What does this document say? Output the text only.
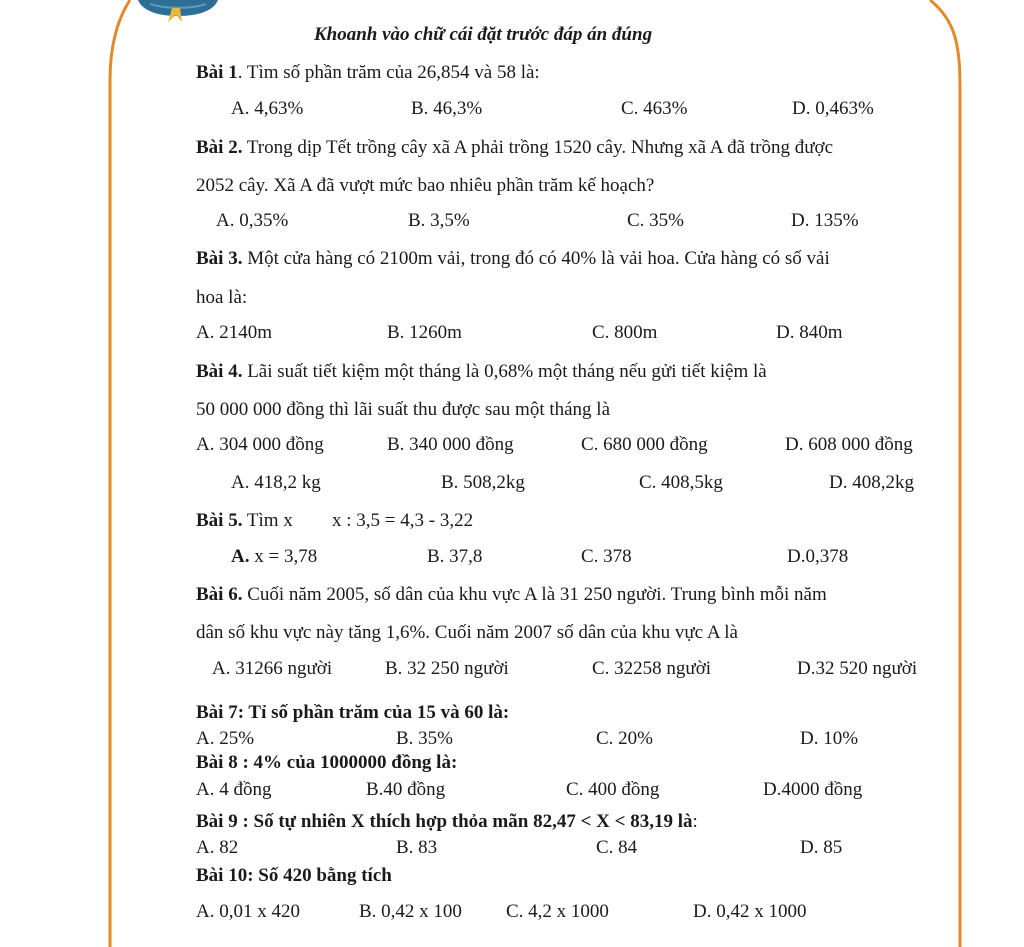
Khoanh vào chữ cái đặt trước đáp án đúng
Bài 1. Tìm số phần trăm của 26,854 và 58 là:
A. 4,63%	B. 46,3%	C. 463%	D. 0,463%
Bài 2. Trong dịp Tết trồng cây xã A phải trồng 1520 cây. Nhưng xã A đã trồng được
2052 cây. Xã A đã vượt mức bao nhiêu phần trăm kế hoạch?
A. 0,35%	B. 3,5%	C. 35%	D. 135%
Bài 3. Một cửa hàng có 2100m vải, trong đó có 40% là vải hoa. Cửa hàng có số vải
hoa là:
A. 2140m	B. 1260m	C. 800m	D. 840m
Bài 4. Lãi suất tiết kiệm một tháng là 0,68% một tháng nếu gửi tiết kiệm là
50 000 000 đồng thì lãi suất thu được sau một tháng là
A. 304 000 đồng	B. 340 000 đồng	C. 680 000 đồng	D. 608 000 đồng
A. 418,2 kg	B. 508,2kg	C. 408,5kg	D. 408,2kg
Bài 5. Tìm x x : 3,5 = 4,3 - 3,22
A. x = 3,78	B. 37,8	C. 378	D.0,378
Bài 6. Cuối năm 2005, số dân của khu vực A là 31 250 người. Trung bình mỗi năm
dân số khu vực này tăng 1,6%. Cuối năm 2007 số dân của khu vực A là
A. 31266 người	B. 32 250 người	C. 32258 người	D.32 520 người
Bài 7: Tỉ số phần trăm của 15 và 60 là:
A. 25%	B. 35%	C. 20%	D. 10%
Bài 8 : 4% của 1000000 đồng là:
A. 4 đồng	B.40 đồng	C. 400 đồng	D.4000 đồng
Bài 9 : Số tự nhiên X thích hợp thỏa mãn 82,47 < X < 83,19 là:
A. 82	B. 83	C. 84	D. 85
Bài 10: Số 420 bằng tích
A. 0,01 x 420	B. 0,42 x 100 C. 4,2 x 1000	D. 0,42 x 1000
